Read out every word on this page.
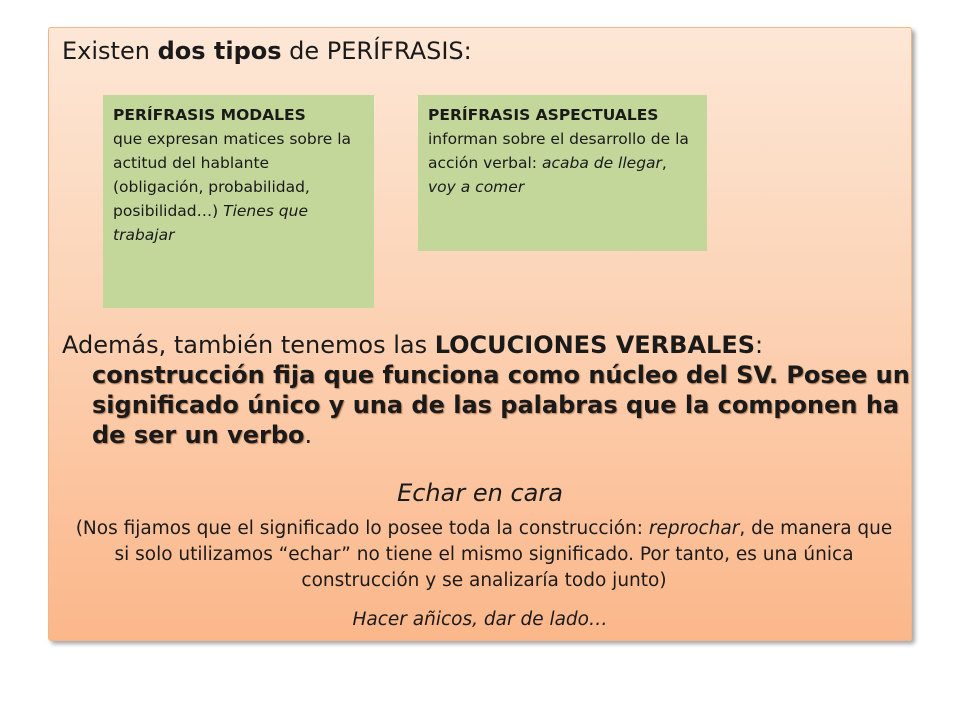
Existen dos tipos de PERÍFRASIS:

PERÍFRASIS MODALES
que expresan matices sobre la actitud del hablante (obligación, probabilidad, posibilidad…) Tienes que trabajar
PERÍFRASIS ASPECTUALES
informan sobre el desarrollo de la acción verbal: acaba de llegar, voy a comer

Además, también tenemos las LOCUCIONES VERBALES: construcción fija que funciona como núcleo del SV. Posee un significado único y una de las palabras que la componen ha de ser un verbo.

Echar en cara

(Nos fijamos que el significado lo posee toda la construcción: reprochar, de manera que si solo utilizamos “echar” no tiene el mismo significado. Por tanto, es una única construcción y se analizaría todo junto)

Hacer añicos, dar de lado…
